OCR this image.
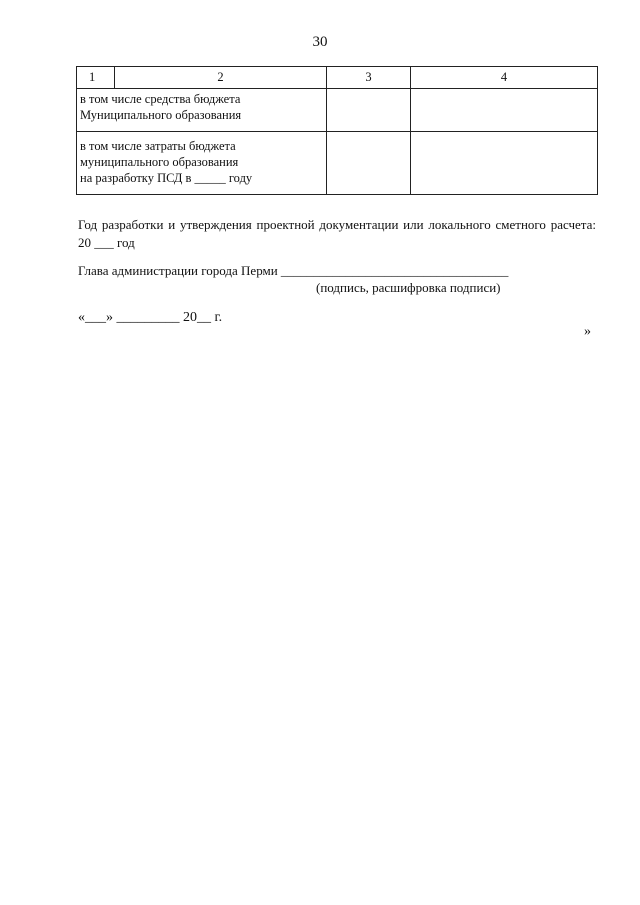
30
1	2	3	4

в том числе средства бюджета
Муниципального образования			

в том числе затраты бюджета
муниципального образования
на разработку ПСД в _____ году			

Год разработки и утверждения проектной документации или локального сметного расчета:
20 ___ год
Глава администрации города Перми ___________________________________
(подпись, расшифровка подписи)
«___» _________ 20__ г.
»
